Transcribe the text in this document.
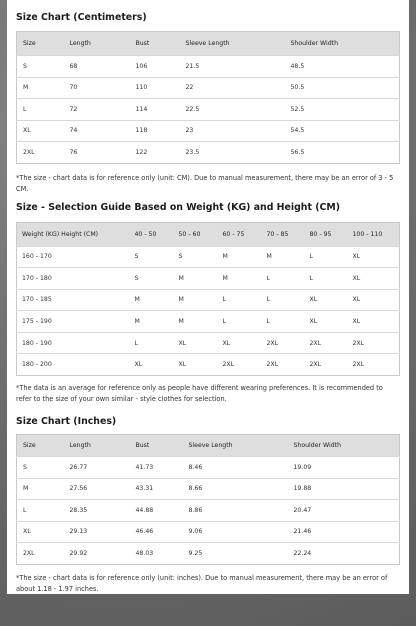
Size Chart (Centimeters)

Size	Length	Bust	Sleeve Length	Shoulder Width
S	68	106	21.5	48.5
M	70	110	22	50.5
L	72	114	22.5	52.5
XL	74	118	23	54.5
2XL	76	122	23.5	56.5

*The size - chart data is for reference only (unit: CM). Due to manual measurement, there may be an error of 3 - 5 CM.

Size - Selection Guide Based on Weight (KG) and Height (CM)

Weight (KG) Height (CM)	40 - 50	50 - 60	60 - 75	70 - 85	80 - 95	100 - 110
160 - 170	S	S	M	M	L	XL
170 - 180	S	M	M	L	L	XL
170 - 185	M	M	L	L	XL	XL
175 - 190	M	M	L	L	XL	XL
180 - 190	L	XL	XL	2XL	2XL	2XL
180 - 200	XL	XL	2XL	2XL	2XL	2XL

*The data is an average for reference only as people have different wearing preferences. It is recommended to refer to the size of your own similar - style clothes for selection.

Size Chart (Inches)

Size	Length	Bust	Sleeve Length	Shoulder Width
S	26.77	41.73	8.46	19.09
M	27.56	43.31	8.66	19.88
L	28.35	44.88	8.86	20.47
XL	29.13	46.46	9.06	21.46
2XL	29.92	48.03	9.25	22.24

*The size - chart data is for reference only (unit: inches). Due to manual measurement, there may be an error of about 1.18 - 1.97 inches.
